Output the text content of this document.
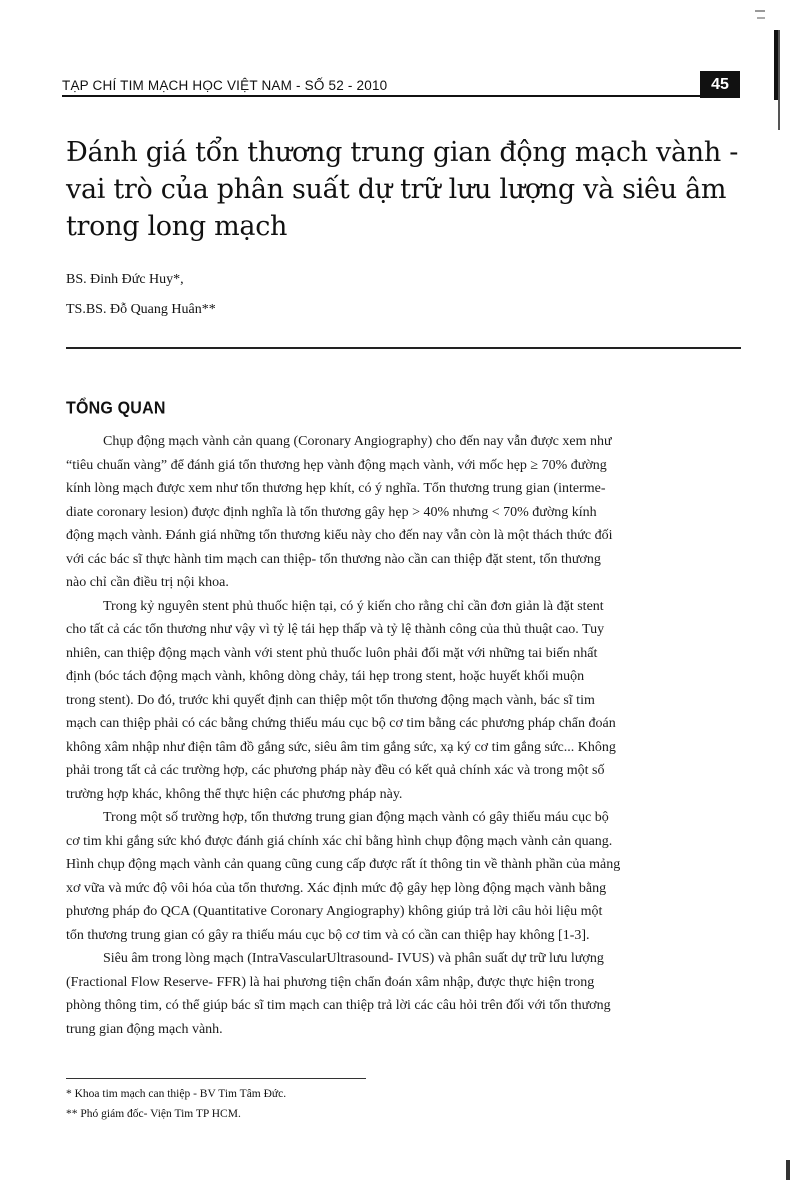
TẠP CHÍ TIM MẠCH HỌC VIỆT NAM - SỐ 52 - 2010	45
Đánh giá tổn thương trung gian động mạch vành -
vai trò của phân suất dự trữ lưu lượng và siêu âm
trong long mạch
BS. Đinh Đức Huy*,
TS.BS. Đỗ Quang Huân**
TỔNG QUAN

Chụp động mạch vành cản quang (Coronary Angiography) cho đến nay vẫn được xem như
“tiêu chuẩn vàng” để đánh giá tổn thương hẹp vành động mạch vành, với mốc hẹp ≥ 70% đường
kính lòng mạch được xem như tổn thương hẹp khít, có ý nghĩa. Tổn thương trung gian (interme-
diate coronary lesion) được định nghĩa là tổn thương gây hẹp > 40% nhưng < 70% đường kính
động mạch vành. Đánh giá những tổn thương kiểu này cho đến nay vẫn còn là một thách thức đối
với các bác sĩ thực hành tim mạch can thiệp- tổn thương nào cần can thiệp đặt stent, tổn thương
nào chỉ cần điều trị nội khoa.

Trong kỷ nguyên stent phủ thuốc hiện tại, có ý kiến cho rằng chỉ cần đơn giản là đặt stent
cho tất cả các tổn thương như vậy vì tỷ lệ tái hẹp thấp và tỷ lệ thành công của thủ thuật cao. Tuy
nhiên, can thiệp động mạch vành với stent phủ thuốc luôn phải đối mặt với những tai biến nhất
định (bóc tách động mạch vành, không dòng chảy, tái hẹp trong stent, hoặc huyết khối muộn
trong stent). Do đó, trước khi quyết định can thiệp một tổn thương động mạch vành, bác sĩ tim
mạch can thiệp phải có các bằng chứng thiếu máu cục bộ cơ tim bằng các phương pháp chẩn đoán
không xâm nhập như điện tâm đồ gắng sức, siêu âm tim gắng sức, xạ ký cơ tim gắng sức... Không
phải trong tất cả các trường hợp, các phương pháp này đều có kết quả chính xác và trong một số
trường hợp khác, không thể thực hiện các phương pháp này.

Trong một số trường hợp, tổn thương trung gian động mạch vành có gây thiếu máu cục bộ
cơ tim khi gắng sức khó được đánh giá chính xác chỉ bằng hình chụp động mạch vành cản quang.
Hình chụp động mạch vành cản quang cũng cung cấp được rất ít thông tin về thành phần của mảng
xơ vữa và mức độ vôi hóa của tổn thương. Xác định mức độ gây hẹp lòng động mạch vành bằng
phương pháp đo QCA (Quantitative Coronary Angiography) không giúp trả lời câu hỏi liệu một
tổn thương trung gian có gây ra thiếu máu cục bộ cơ tim và có cần can thiệp hay không [1-3].

Siêu âm trong lòng mạch (IntraVascularUltrasound- IVUS) và phân suất dự trữ lưu lượng
(Fractional Flow Reserve- FFR) là hai phương tiện chẩn đoán xâm nhập, được thực hiện trong
phòng thông tim, có thể giúp bác sĩ tim mạch can thiệp trả lời các câu hỏi trên đối với tổn thương
trung gian động mạch vành.

* Khoa tim mạch can thiệp - BV Tim Tâm Đức.
** Phó giám đốc- Viện Tim TP HCM.
